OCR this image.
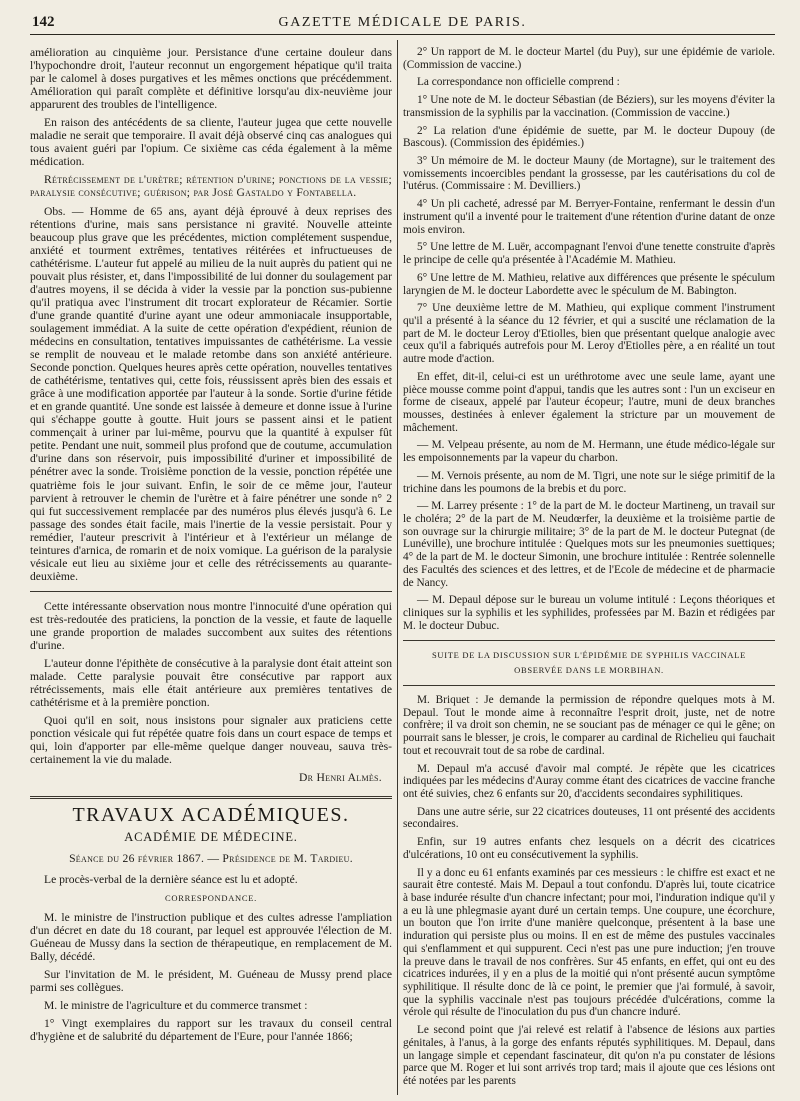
142	GAZETTE MÉDICALE DE PARIS.

amélioration au cinquième jour. Persistance d'une certaine douleur dans l'hypochondre droit, l'auteur reconnut un engorgement hépatique qu'il traita par le calomel à doses purgatives et les mêmes onctions que précédemment. Amélioration qui paraît complète et définitive lorsqu'au dix-neuvième jour apparurent des troubles de l'intelligence.

En raison des antécédents de sa cliente, l'auteur jugea que cette nouvelle maladie ne serait que temporaire. Il avait déjà observé cinq cas analogues qui tous avaient guéri par l'opium. Ce sixième cas céda également à la même médication.

Rétrécissement de l'urètre; rétention d'urine; ponctions de la vessie; paralysie consécutive; guérison; par José Gastaldo y Fontabella.

Obs. — Homme de 65 ans, ayant déjà éprouvé à deux reprises des rétentions d'urine, mais sans persistance ni gravité. Nouvelle atteinte beaucoup plus grave que les précédentes, miction complétement suspendue, anxiété et tourment extrêmes, tentatives réitérées et infructueuses de cathétérisme. L'auteur fut appelé au milieu de la nuit auprès du patient qui ne pouvait plus résister, et, dans l'impossibilité de lui donner du soulagement par d'autres moyens, il se décida à vider la vessie par la ponction sus-pubienne qu'il pratiqua avec l'instrument dit trocart explorateur de Récamier. Sortie d'une grande quantité d'urine ayant une odeur ammoniacale insupportable, soulagement immédiat. A la suite de cette opération d'expédient, réunion de médecins en consultation, tentatives impuissantes de cathétérisme. La vessie se remplit de nouveau et le malade retombe dans son anxiété antérieure. Seconde ponction. Quelques heures après cette opération, nouvelles tentatives de cathétérisme, tentatives qui, cette fois, réussissent après bien des essais et grâce à une modification apportée par l'auteur à la sonde. Sortie d'urine fétide et en grande quantité. Une sonde est laissée à demeure et donne issue à l'urine qui s'échappe goutte à goutte. Huit jours se passent ainsi et le patient commençait à uriner par lui-même, pourvu que la quantité à expulser fût petite. Pendant une nuit, sommeil plus profond que de coutume, accumulation d'urine dans son réservoir, puis impossibilité d'uriner et impossibilité de pénétrer avec la sonde. Troisième ponction de la vessie, ponction répétée une quatrième fois le jour suivant. Enfin, le soir de ce même jour, l'auteur parvient à retrouver le chemin de l'urètre et à faire pénétrer une sonde n° 2 qui fut successivement remplacée par des numéros plus élevés jusqu'à 6. Le passage des sondes était facile, mais l'inertie de la vessie persistait. Pour y remédier, l'auteur prescrivit à l'intérieur et à l'extérieur un mélange de teintures d'arnica, de romarin et de noix vomique. La guérison de la paralysie vésicale eut lieu au sixième jour et celle des rétrécissements au quarante-deuxième.

Cette intéressante observation nous montre l'innocuité d'une opération qui est très-redoutée des praticiens, la ponction de la vessie, et faute de laquelle une grande proportion de malades succombent aux suites des rétentions d'urine.

L'auteur donne l'épithète de consécutive à la paralysie dont était atteint son malade. Cette paralysie pouvait être consécutive par rapport aux rétrécissements, mais elle était antérieure aux premières tentatives de cathétérisme et à la première ponction.

Quoi qu'il en soit, nous insistons pour signaler aux praticiens cette ponction vésicale qui fut répétée quatre fois dans un court espace de temps et qui, loin d'apporter par elle-même quelque danger nouveau, sauva très-certainement la vie du malade.

Dr Henri Almès.

TRAVAUX ACADÉMIQUES.

ACADÉMIE DE MÉDECINE.

Séance du 26 février 1867. — Présidence de M. Tardieu.

Le procès-verbal de la dernière séance est lu et adopté.

CORRESPONDANCE.

M. le ministre de l'instruction publique et des cultes adresse l'ampliation d'un décret en date du 18 courant, par lequel est approuvée l'élection de M. Guéneau de Mussy dans la section de thérapeutique, en remplacement de M. Bally, décédé.

Sur l'invitation de M. le président, M. Guéneau de Mussy prend place parmi ses collègues.

M. le ministre de l'agriculture et du commerce transmet :

1° Vingt exemplaires du rapport sur les travaux du conseil central d'hygiène et de salubrité du département de l'Eure, pour l'année 1866;

2° Un rapport de M. le docteur Martel (du Puy), sur une épidémie de variole. (Commission de vaccine.)

La correspondance non officielle comprend :

1° Une note de M. le docteur Sébastian (de Béziers), sur les moyens d'éviter la transmission de la syphilis par la vaccination. (Commission de vaccine.)

2° La relation d'une épidémie de suette, par M. le docteur Dupouy (de Bascous). (Commission des épidémies.)

3° Un mémoire de M. le docteur Mauny (de Mortagne), sur le traitement des vomissements incoercibles pendant la grossesse, par les cautérisations du col de l'utérus. (Commissaire : M. Devilliers.)

4° Un pli cacheté, adressé par M. Berryer-Fontaine, renfermant le dessin d'un instrument qu'il a inventé pour le traitement d'une rétention d'urine datant de onze mois environ.

5° Une lettre de M. Luër, accompagnant l'envoi d'une tenette construite d'après le principe de celle qu'a présentée à l'Académie M. Mathieu.

6° Une lettre de M. Mathieu, relative aux différences que présente le spéculum laryngien de M. le docteur Labordette avec le spéculum de M. Babington.

7° Une deuxième lettre de M. Mathieu, qui explique comment l'instrument qu'il a présenté à la séance du 12 février, et qui a suscité une réclamation de la part de M. le docteur Leroy d'Etiolles, bien que présentant quelque analogie avec ceux qu'il a fabriqués autrefois pour M. Leroy d'Etiolles père, a en réalité un tout autre mode d'action.

En effet, dit-il, celui-ci est un uréthrotome avec une seule lame, ayant une pièce mousse comme point d'appui, tandis que les autres sont : l'un un exciseur en forme de ciseaux, appelé par l'auteur écopeur; l'autre, muni de deux branches mousses, destinées à enlever également la stricture par un mouvement de mâchement.

— M. Velpeau présente, au nom de M. Hermann, une étude médico-légale sur les empoisonnements par la vapeur du charbon.

— M. Vernois présente, au nom de M. Tigri, une note sur le siége primitif de la trichine dans les poumons de la brebis et du porc.

— M. Larrey présente : 1° de la part de M. le docteur Martineng, un travail sur le choléra; 2° de la part de M. Neudœrfer, la deuxième et la troisième partie de son ouvrage sur la chirurgie militaire; 3° de la part de M. le docteur Putegnat (de Lunéville), une brochure intitulée : Quelques mots sur les pneumonies suettiques; 4° de la part de M. le docteur Simonin, une brochure intitulée : Rentrée solennelle des Facultés des sciences et des lettres, et de l'Ecole de médecine et de pharmacie de Nancy.

— M. Depaul dépose sur le bureau un volume intitulé : Leçons théoriques et cliniques sur la syphilis et les syphilides, professées par M. Bazin et rédigées par M. le docteur Dubuc.

SUITE DE LA DISCUSSION SUR L'ÉPIDÉMIE DE SYPHILIS VACCINALE

OBSERVÉE DANS LE MORBIHAN.

M. Briquet : Je demande la permission de répondre quelques mots à M. Depaul. Tout le monde aime à reconnaître l'esprit droit, juste, net de notre confrère; il va droit son chemin, ne se souciant pas de ménager ce qui le gêne; on pourrait sans le blesser, je crois, le comparer au cardinal de Richelieu qui fauchait tout et recouvrait tout de sa robe de cardinal.

M. Depaul m'a accusé d'avoir mal compté. Je répète que les cicatrices indiquées par les médecins d'Auray comme étant des cicatrices de vaccine franche ont été suivies, chez 6 enfants sur 20, d'accidents secondaires syphilitiques.

Dans une autre série, sur 22 cicatrices douteuses, 11 ont présenté des accidents secondaires.

Enfin, sur 19 autres enfants chez lesquels on a décrit des cicatrices d'ulcérations, 10 ont eu consécutivement la syphilis.

Il y a donc eu 61 enfants examinés par ces messieurs : le chiffre est exact et ne saurait être contesté. Mais M. Depaul a tout confondu. D'après lui, toute cicatrice à base indurée résulte d'un chancre infectant; pour moi, l'induration indique qu'il y a eu là une phlegmasie ayant duré un certain temps. Une coupure, une écorchure, un bouton que l'on irrite d'une manière quelconque, présentent à la base une induration qui persiste plus ou moins. Il en est de même des pustules vaccinales qui s'enflamment et qui suppurent. Ceci n'est pas une pure induction; j'en trouve la preuve dans le travail de nos confrères. Sur 45 enfants, en effet, qui ont eu des cicatrices indurées, il y en a plus de la moitié qui n'ont présenté aucun symptôme syphilitique. Il résulte donc de là ce point, le premier que j'ai formulé, à savoir, que la syphilis vaccinale n'est pas toujours précédée d'ulcérations, comme la vérole qui résulte de l'inoculation du pus d'un chancre induré.

Le second point que j'ai relevé est relatif à l'absence de lésions aux parties génitales, à l'anus, à la gorge des enfants réputés syphilitiques. M. Depaul, dans un langage simple et cependant fascinateur, dit qu'on n'a pu constater de lésions parce que M. Roger et lui sont arrivés trop tard; mais il ajoute que ces lésions ont été notées par les parents
